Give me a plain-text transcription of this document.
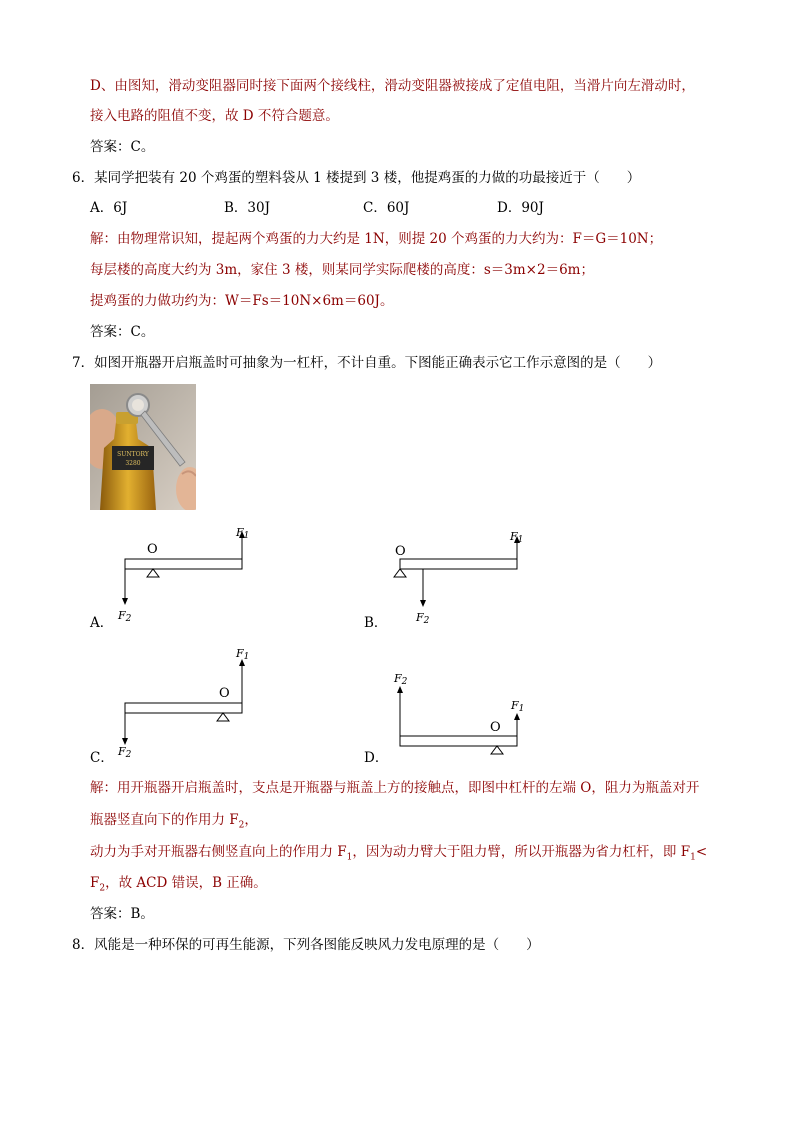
D、由图知，滑动变阻器同时接下面两个接线柱，滑动变阻器被接成了定值电阻，当滑片向左滑动时，
接入电路的阻值不变，故 D 不符合题意。
答案：C。
6．某同学把装有 20 个鸡蛋的塑料袋从 1 楼提到 3 楼，他提鸡蛋的力做的功最接近于（　　）
A．6J	B．30J	C．60J	D．90J
解：由物理常识知，提起两个鸡蛋的力大约是 1N，则提 20 个鸡蛋的力大约为：F＝G＝10N；
每层楼的高度大约为 3m，家住 3 楼，则某同学实际爬楼的高度：s＝3m×2＝6m；
提鸡蛋的力做功约为：W＝Fs＝10N×6m＝60J。
答案：C。
7．如图开瓶器开启瓶盖时可抽象为一杠杆，不计自重。下图能正确表示它工作示意图的是（　　）
SUNTORY
3280
O
F1
F2
A．
O
F1
F2
B．
O
F1
F2
C．
O
F2
F1
D．
解：用开瓶器开启瓶盖时，支点是开瓶器与瓶盖上方的接触点，即图中杠杆的左端 O，阻力为瓶盖对开
瓶器竖直向下的作用力 $F_2$，
动力为手对开瓶器右侧竖直向上的作用力 $F_1$，因为动力臂大于阻力臂，所以开瓶器为省力杠杆，即 $F_1<$
$F_2$，故 ACD 错误，B 正确。
答案：B。
8．风能是一种环保的可再生能源，下列各图能反映风力发电原理的是（　　）
